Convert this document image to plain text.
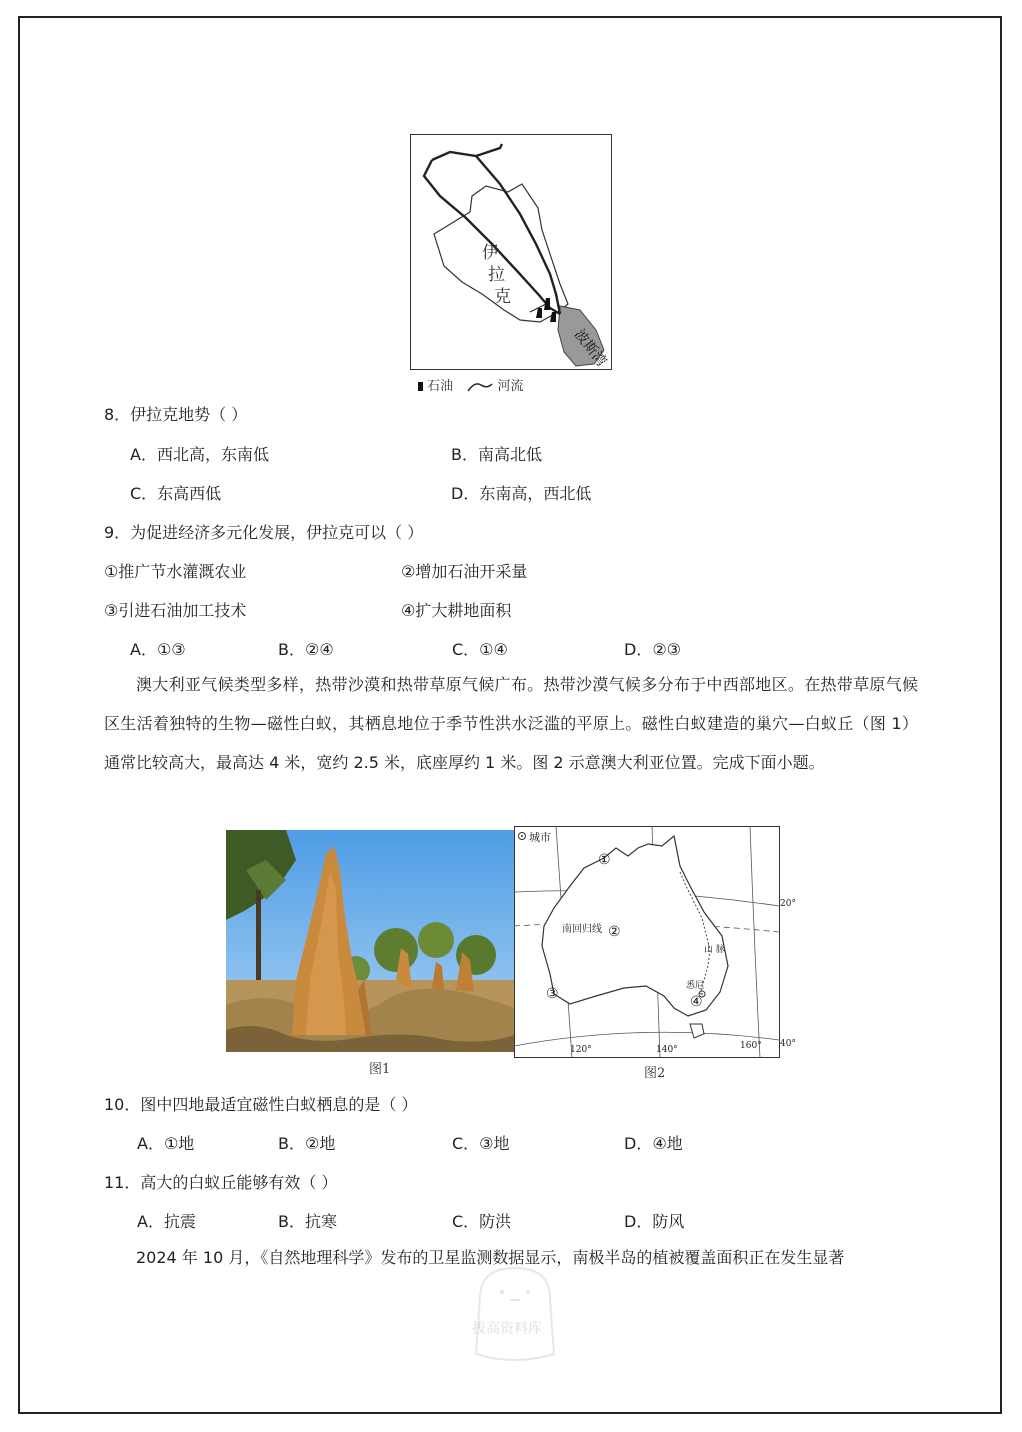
伊
拉
克
波斯湾
石油	河流
8．伊拉克地势（ ）
A．西北高，东南低	B．南高北低
C．东高西低	D．东南高，西北低
9．为促进经济多元化发展，伊拉克可以（ ）
①推广节水灌溉农业	②增加石油开采量
③引进石油加工技术	④扩大耕地面积
A．①③	B．②④	C．①④	D．②③
澳大利亚气候类型多样，热带沙漠和热带草原气候广布。热带沙漠气候多分布于中西部地区。在热带草原气候区生活着独特的生物—磁性白蚁，其栖息地位于季节性洪水泛滥的平原上。磁性白蚁建造的巢穴—白蚁丘（图 1）通常比较高大，最高达 4 米，宽约 2.5 米，底座厚约 1 米。图 2 示意澳大利亚位置。完成下面小题。
图1
城市
南回归线
①
②
③	④
悉尼
山 脉
20°
40°
120°	140°	160°
图2
10．图中四地最适宜磁性白蚁栖息的是（ ）
A．①地	B．②地	C．③地	D．④地
11．高大的白蚁丘能够有效（ ）
A．抗震	B．抗寒	C．防洪	D．防风
2024 年 10 月，《自然地理科学》发布的卫星监测数据显示，南极半岛的植被覆盖面积正在发生显著
拔高资料库
